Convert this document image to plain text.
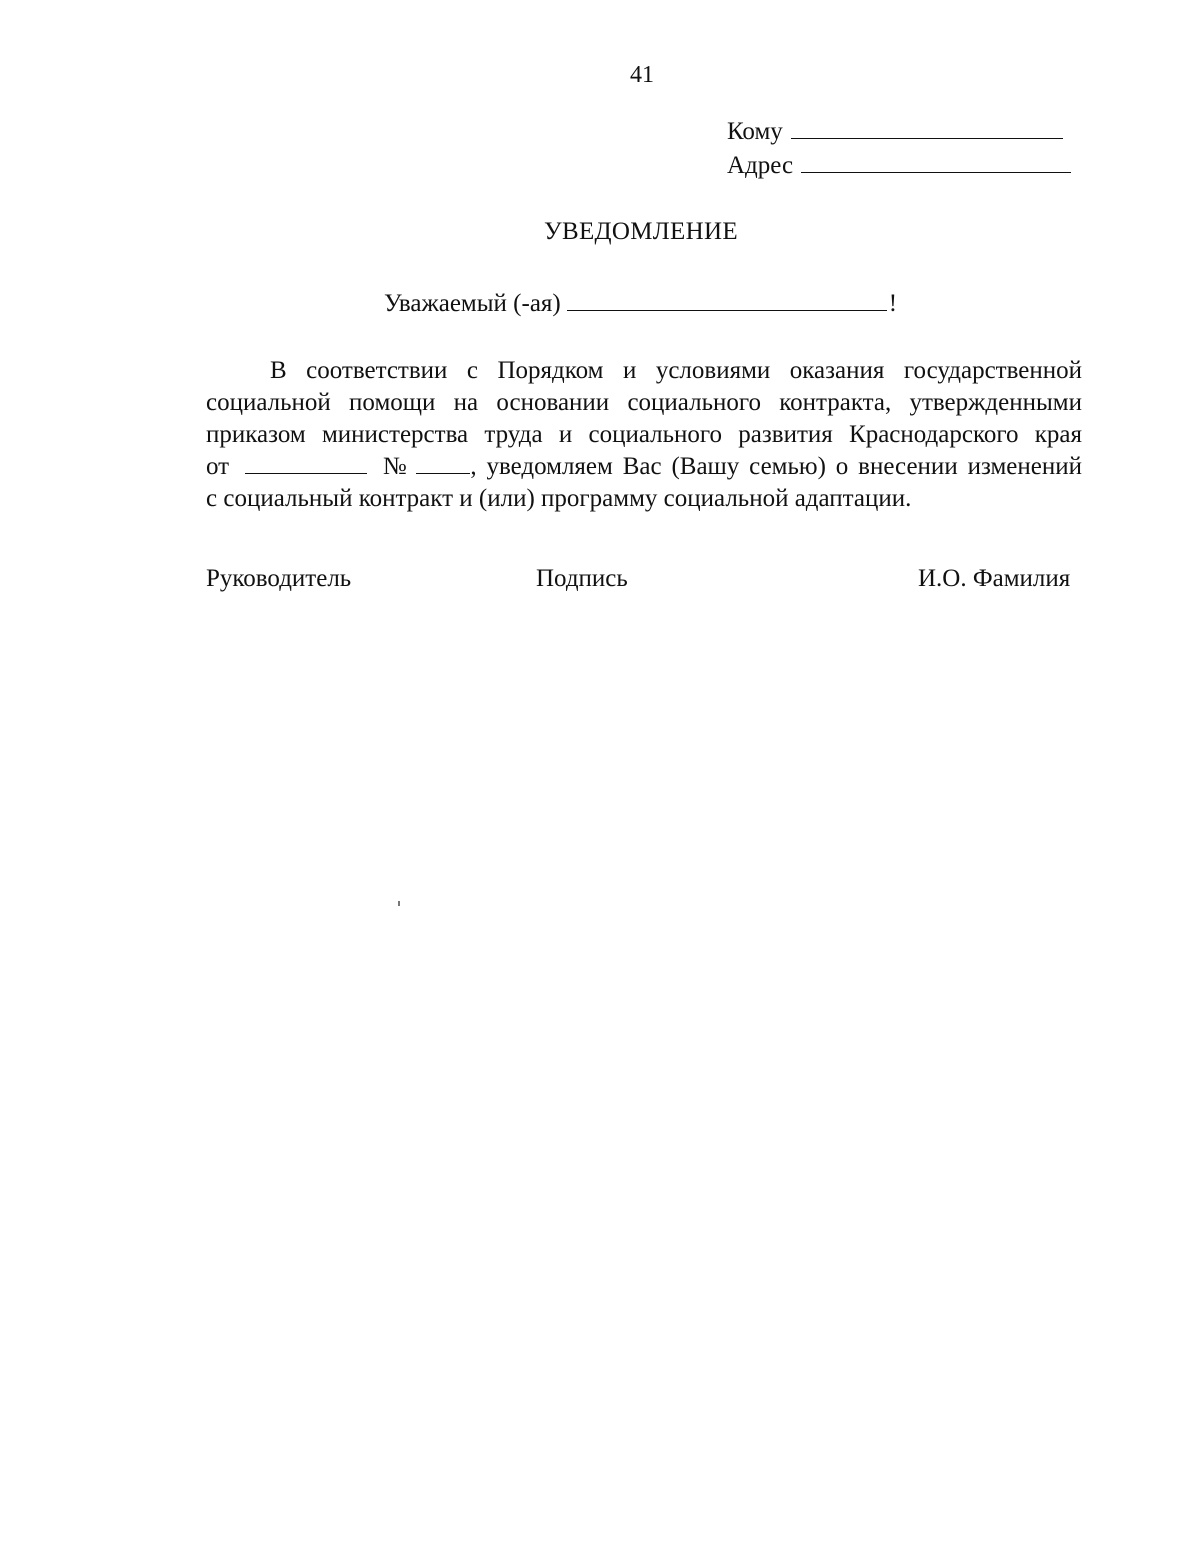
41
Кому
Адрес
УВЕДОМЛЕНИЕ
Уважаемый (-ая)	!
В соответствии с Порядком и условиями оказания государственной
социальной помощи на основании социального контракта, утвержденными
приказом министерства труда и социального развития Краснодарского края
от	№ , уведомляем Вас (Вашу семью) о внесении изменений
с социальный контракт и (или) программу социальной адаптации.
Руководитель	Подпись	И.О. Фамилия
